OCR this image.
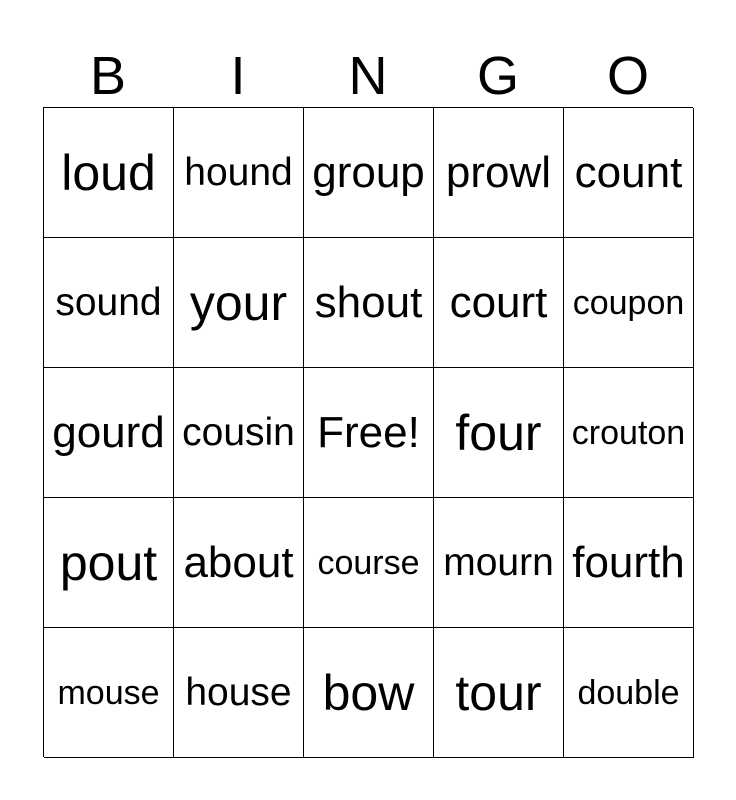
B	I	N	G	O
loud hound group prowl count
sound your shout court coupon
gourd cousin Free! four crouton
pout about course mourn fourth
mouse house bow tour	double
